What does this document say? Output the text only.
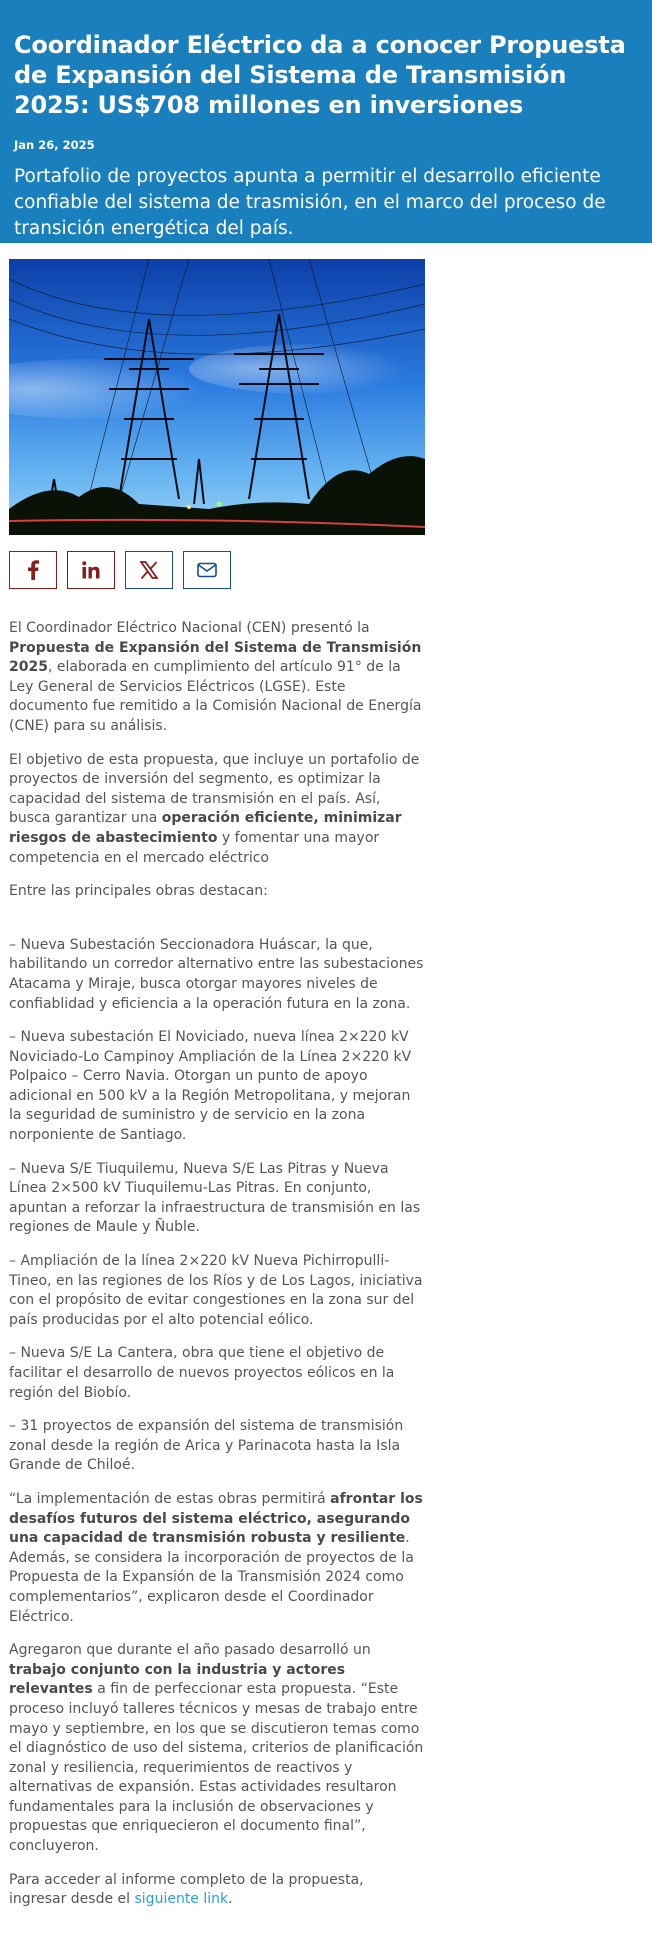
Coordinador Eléctrico da a conocer Propuesta de Expansión del Sistema de Transmisión 2025: US$708 millones en inversiones
Jan 26, 2025
Portafolio de proyectos apunta a permitir el desarrollo eficiente confiable del sistema de trasmisión, en el marco del proceso de transición energética del país.

El Coordinador Eléctrico Nacional (CEN) presentó la Propuesta de Expansión del Sistema de Transmisión 2025, elaborada en cumplimiento del artículo 91° de la Ley General de Servicios Eléctricos (LGSE). Este documento fue remitido a la Comisión Nacional de Energía (CNE) para su análisis.

El objetivo de esta propuesta, que incluye un portafolio de proyectos de inversión del segmento, es optimizar la capacidad del sistema de transmisión en el país. Así, busca garantizar una operación eficiente, minimizar riesgos de abastecimiento y fomentar una mayor competencia en el mercado eléctrico

Entre las principales obras destacan:

– Nueva Subestación Seccionadora Huáscar, la que, habilitando un corredor alternativo entre las subestaciones Atacama y Miraje, busca otorgar mayores niveles de confiablidad y eficiencia a la operación futura en la zona.

– Nueva subestación El Noviciado, nueva línea 2×220 kV Noviciado-Lo Campinoy Ampliación de la Línea 2×220 kV Polpaico – Cerro Navia. Otorgan un punto de apoyo adicional en 500 kV a la Región Metropolitana, y mejoran la seguridad de suministro y de servicio en la zona norponiente de Santiago.

– Nueva S/E Tiuquilemu, Nueva S/E Las Pitras y Nueva Línea 2×500 kV Tiuquilemu-Las Pitras. En conjunto, apuntan a reforzar la infraestructura de transmisión en las regiones de Maule y Ñuble.

– Ampliación de la línea 2×220 kV Nueva Pichirropulli-Tineo, en las regiones de los Ríos y de Los Lagos, iniciativa con el propósito de evitar congestiones en la zona sur del país producidas por el alto potencial eólico.

– Nueva S/E La Cantera, obra que tiene el objetivo de facilitar el desarrollo de nuevos proyectos eólicos en la región del Biobío.

– 31 proyectos de expansión del sistema de transmisión zonal desde la región de Arica y Parinacota hasta la Isla Grande de Chiloé.

“La implementación de estas obras permitirá afrontar los desafíos futuros del sistema eléctrico, asegurando una capacidad de transmisión robusta y resiliente. Además, se considera la incorporación de proyectos de la Propuesta de la Expansión de la Transmisión 2024 como complementarios”, explicaron desde el Coordinador Eléctrico.

Agregaron que durante el año pasado desarrolló un trabajo conjunto con la industria y actores relevantes a fin de perfeccionar esta propuesta. “Este proceso incluyó talleres técnicos y mesas de trabajo entre mayo y septiembre, en los que se discutieron temas como el diagnóstico de uso del sistema, criterios de planificación zonal y resiliencia, requerimientos de reactivos y alternativas de expansión. Estas actividades resultaron fundamentales para la inclusión de observaciones y propuestas que enriquecieron el documento final”, concluyeron.

Para acceder al informe completo de la propuesta, ingresar desde el siguiente link.
